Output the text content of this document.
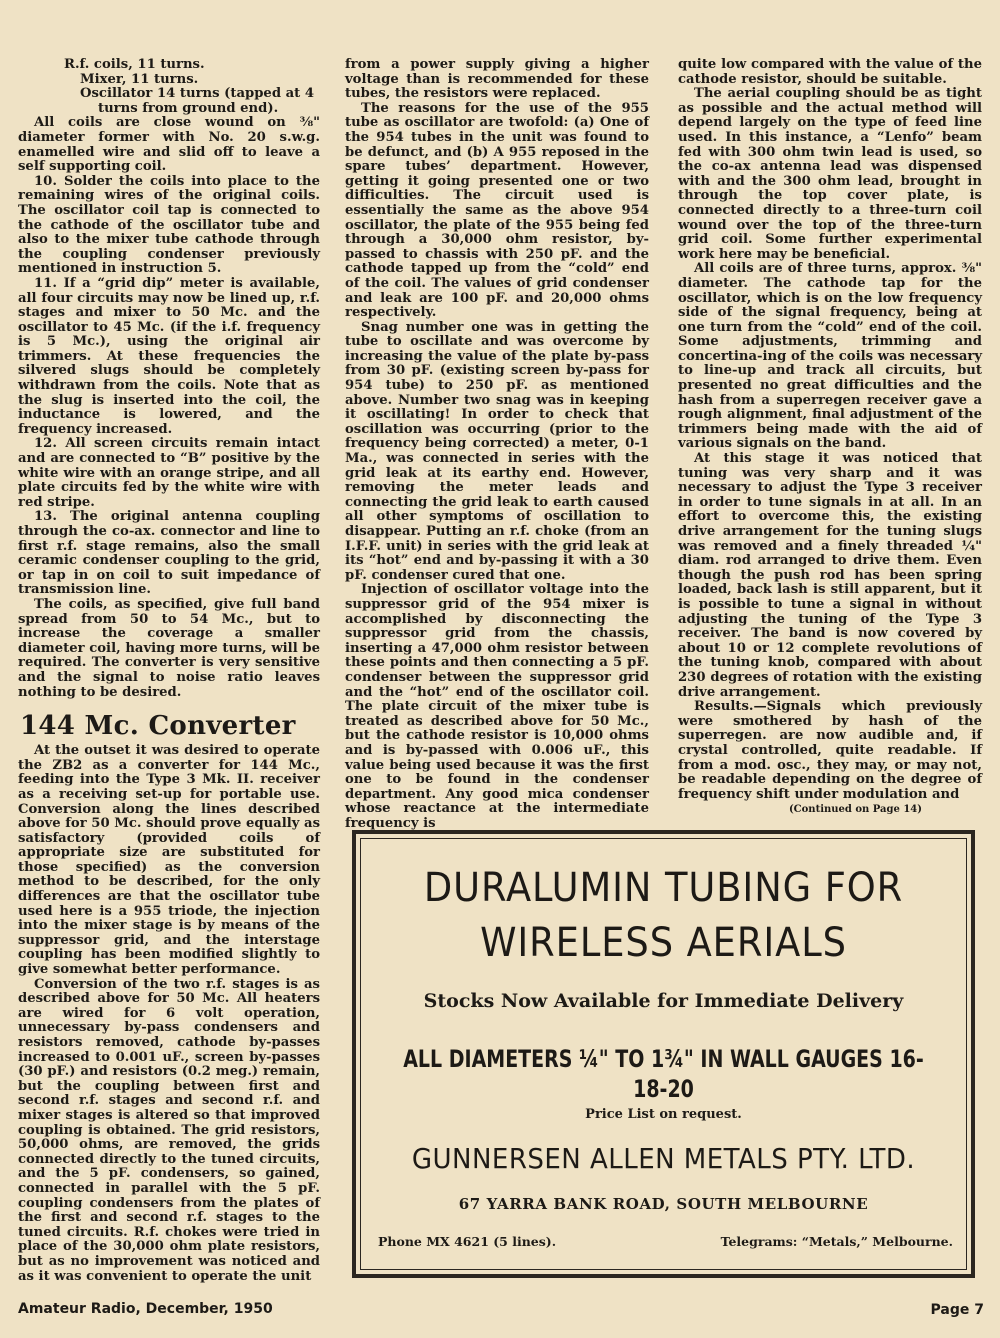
R.f. coils, 11 turns.

Mixer, 11 turns.

Oscillator 14 turns (tapped at 4

turns from ground end).

All coils are close wound on ⅜" diameter former with No. 20 s.w.g. enamelled wire and slid off to leave a self supporting coil.

10. Solder the coils into place to the remaining wires of the original coils. The oscillator coil tap is connected to the cathode of the oscillator tube and also to the mixer tube cathode through the coupling condenser previously mentioned in instruction 5.

11. If a “grid dip” meter is available, all four circuits may now be lined up, r.f. stages and mixer to 50 Mc. and the oscillator to 45 Mc. (if the i.f. frequency is 5 Mc.), using the original air trimmers. At these frequencies the silvered slugs should be completely withdrawn from the coils. Note that as the slug is inserted into the coil, the inductance is lowered, and the frequency increased.

12. All screen circuits remain intact and are connected to “B” positive by the white wire with an orange stripe, and all plate circuits fed by the white wire with red stripe.

13. The original antenna coupling through the co-ax. connector and line to first r.f. stage remains, also the small ceramic condenser coupling to the grid, or tap in on coil to suit impedance of transmission line.

The coils, as specified, give full band spread from 50 to 54 Mc., but to increase the coverage a smaller diameter coil, having more turns, will be required. The converter is very sensitive and the signal to noise ratio leaves nothing to be desired.

144 Mc. Converter

At the outset it was desired to operate the ZB2 as a converter for 144 Mc., feeding into the Type 3 Mk. II. receiver as a receiving set-up for portable use. Conversion along the lines described above for 50 Mc. should prove equally as satisfactory (provided coils of appropriate size are substituted for those specified) as the conversion method to be described, for the only differences are that the oscillator tube used here is a 955 triode, the injection into the mixer stage is by means of the suppressor grid, and the interstage coupling has been modified slightly to give somewhat better performance.

Conversion of the two r.f. stages is as described above for 50 Mc. All heaters are wired for 6 volt operation, unnecessary by-pass condensers and resistors removed, cathode by-passes increased to 0.001 uF., screen by-passes (30 pF.) and resistors (0.2 meg.) remain, but the coupling between first and second r.f. stages and second r.f. and mixer stages is altered so that improved coupling is obtained. The grid resistors, 50,000 ohms, are removed, the grids connected directly to the tuned circuits, and the 5 pF. condensers, so gained, connected in parallel with the 5 pF. coupling condensers from the plates of the first and second r.f. stages to the tuned circuits. R.f. chokes were tried in place of the 30,000 ohm plate resistors, but as no improvement was noticed and as it was convenient to operate the unit

from a power supply giving a higher voltage than is recommended for these tubes, the resistors were replaced.

The reasons for the use of the 955 tube as oscillator are twofold: (a) One of the 954 tubes in the unit was found to be defunct, and (b) A 955 reposed in the spare tubes’ department. However, getting it going presented one or two difficulties. The circuit used is essentially the same as the above 954 oscillator, the plate of the 955 being fed through a 30,000 ohm resistor, by-passed to chassis with 250 pF. and the cathode tapped up from the “cold” end of the coil. The values of grid condenser and leak are 100 pF. and 20,000 ohms respectively.

Snag number one was in getting the tube to oscillate and was overcome by increasing the value of the plate by-pass from 30 pF. (existing screen by-pass for 954 tube) to 250 pF. as mentioned above. Number two snag was in keeping it oscillating! In order to check that oscillation was occurring (prior to the frequency being corrected) a meter, 0-1 Ma., was connected in series with the grid leak at its earthy end. However, removing the meter leads and connecting the grid leak to earth caused all other symptoms of oscillation to disappear. Putting an r.f. choke (from an I.F.F. unit) in series with the grid leak at its “hot” end and by-passing it with a 30 pF. condenser cured that one.

Injection of oscillator voltage into the suppressor grid of the 954 mixer is accomplished by disconnecting the suppressor grid from the chassis, inserting a 47,000 ohm resistor between these points and then connecting a 5 pF. condenser between the suppressor grid and the “hot” end of the oscillator coil. The plate circuit of the mixer tube is treated as described above for 50 Mc., but the cathode resistor is 10,000 ohms and is by-passed with 0.006 uF., this value being used because it was the first one to be found in the condenser department. Any good mica condenser whose reactance at the intermediate frequency is

quite low compared with the value of the cathode resistor, should be suitable.

The aerial coupling should be as tight as possible and the actual method will depend largely on the type of feed line used. In this instance, a “Lenfo” beam fed with 300 ohm twin lead is used, so the co-ax antenna lead was dispensed with and the 300 ohm lead, brought in through the top cover plate, is connected directly to a three-turn coil wound over the top of the three-turn grid coil. Some further experimental work here may be beneficial.

All coils are of three turns, approx. ⅜" diameter. The cathode tap for the oscillator, which is on the low frequency side of the signal frequency, being at one turn from the “cold” end of the coil. Some adjustments, trimming and concertina-ing of the coils was necessary to line-up and track all circuits, but presented no great difficulties and the hash from a superregen receiver gave a rough alignment, final adjustment of the trimmers being made with the aid of various signals on the band.

At this stage it was noticed that tuning was very sharp and it was necessary to adjust the Type 3 receiver in order to tune signals in at all. In an effort to overcome this, the existing drive arrangement for the tuning slugs was removed and a finely threaded ¼" diam. rod arranged to drive them. Even though the push rod has been spring loaded, back lash is still apparent, but it is possible to tune a signal in without adjusting the tuning of the Type 3 receiver. The band is now covered by about 10 or 12 complete revolutions of the tuning knob, compared with about 230 degrees of rotation with the existing drive arrangement.

Results.—Signals which previously were smothered by hash of the superregen. are now audible and, if crystal controlled, quite readable. If from a mod. osc., they may, or may not, be readable depending on the degree of frequency shift under modulation and

(Continued on Page 14)
DURALUMIN TUBING FOR
WIRELESS AERIALS
Stocks Now Available for Immediate Delivery
ALL DIAMETERS ¼" TO 1¾" IN WALL GAUGES 16-18-20
Price List on request.
GUNNERSEN ALLEN METALS PTY. LTD.
67 YARRA BANK ROAD, SOUTH MELBOURNE
Phone MX 4621 (5 lines).	Telegrams: “Metals,” Melbourne.
Amateur Radio, December, 1950	Page 7
